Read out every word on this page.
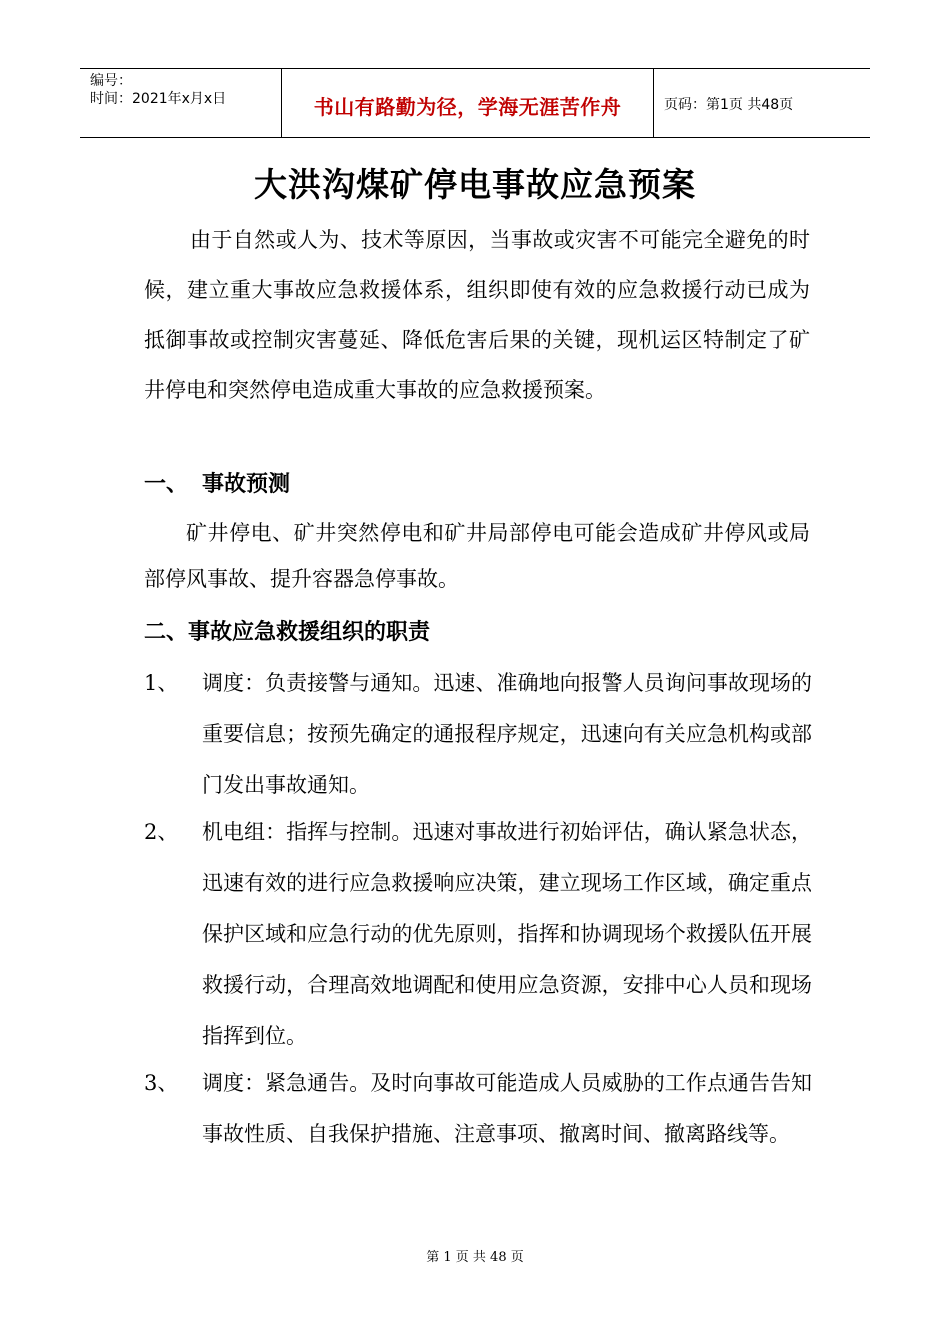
编号：
时间：2021年x月x日	书山有路勤为径，学海无涯苦作舟	页码：第1页 共48页
大洪沟煤矿停电事故应急预案

由于自然或人为、技术等原因，当事故或灾害不可能完全避免的时候，建立重大事故应急救援体系，组织即使有效的应急救援行动已成为抵御事故或控制灾害蔓延、降低危害后果的关键，现机运区特制定了矿井停电和突然停电造成重大事故的应急救援预案。

一、 事故预测

矿井停电、矿井突然停电和矿井局部停电可能会造成矿井停风或局部停风事故、提升容器急停事故。

二、事故应急救援组织的职责
1、	调度：负责接警与通知。迅速、准确地向报警人员询问事故现场的重要信息；按预先确定的通报程序规定，迅速向有关应急机构或部门发出事故通知。

2、	机电组：指挥与控制。迅速对事故进行初始评估，确认紧急状态，迅速有效的进行应急救援响应决策，建立现场工作区域，确定重点保护区域和应急行动的优先原则，指挥和协调现场个救援队伍开展救援行动，合理高效地调配和使用应急资源，安排中心人员和现场指挥到位。

3、	调度：紧急通告。及时向事故可能造成人员威胁的工作点通告告知事故性质、自我保护措施、注意事项、撤离时间、撤离路线等。

第 1 页 共 48 页
